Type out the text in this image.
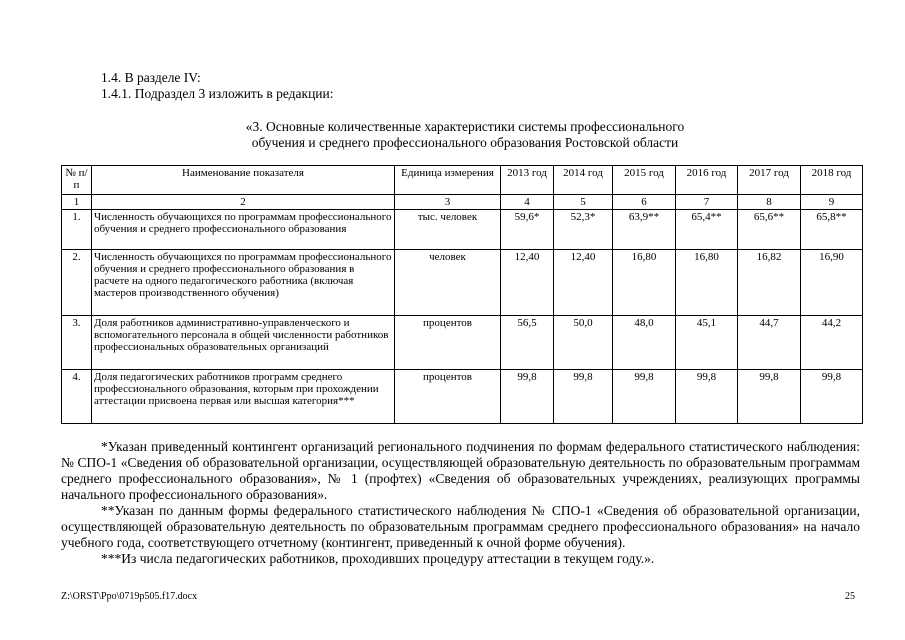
1.4. В разделе IV:
1.4.1. Подраздел 3 изложить в редакции:
«3. Основные количественные характеристики системы профессионального
обучения и среднего профессионального образования Ростовской области
№ п/п	Наименование показателя	Единица измерения	2013 год	2014 год	2015 год	2016 год	2017 год	2018 год
1	2	3	4	5	6	7	8	9
1.	Численность обучающихся по программам профессионального обучения и среднего профессионального образования	тыс. человек	59,6*	52,3*	63,9**	65,4**	65,6**	65,8**
2.	Численность обучающихся по программам профессионального обучения и среднего профессионального образования в расчете на одного педагогического работника (включая мастеров производственного обучения)	человек	12,40	12,40	16,80	16,80	16,82	16,90
3.	Доля работников административно-управленческого и вспомогательного персонала в общей численности работников профессиональных образовательных организаций	процентов	56,5	50,0	48,0	45,1	44,7	44,2
4.	Доля педагогических работников программ среднего профессионального образования, которым при прохождении аттестации присвоена первая или высшая категория***	процентов	99,8	99,8	99,8	99,8	99,8	99,8

*Указан приведенный контингент организаций регионального подчинения по формам федерального статистического наблюдения: № СПО-1 «Сведения об образовательной организации, осуществляющей образовательную деятельность по образовательным программам среднего профессионального образования», № 1 (профтех) «Сведения об образовательных учреждениях, реализующих программы начального профессионального образования».

**Указан по данным формы федерального статистического наблюдения № СПО-1 «Сведения об образовательной организации, осуществляющей образовательную деятельность по образовательным программам среднего профессионального образования» на начало учебного года, соответствующего отчетному (контингент, приведенный к очной форме обучения).

***Из числа педагогических работников, проходивших процедуру аттестации в текущем году.».

Z:\ORST\Ppo\0719p505.f17.docx	25
